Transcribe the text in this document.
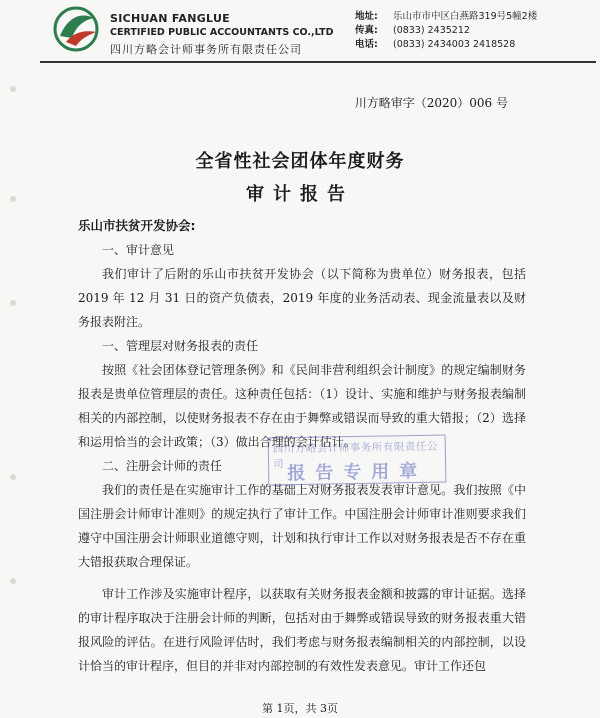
SICHUAN FANGLUE
CERTIFIED PUBLIC ACCOUNTANTS CO.,LTD
四川方略会计师事务所有限责任公司
地址: 乐山市市中区白燕路319号5幢2楼
传真: (0833) 2435212
电话: (0833) 2434003 2418528
川方略审字（2020）006 号
全省性社会团体年度财务
审计报告

乐山市扶贫开发协会:

一、审计意见

我们审计了后附的乐山市扶贫开发协会（以下简称为贵单位）财务报表，包括2019 年 12 月 31 日的资产负债表，2019 年度的业务活动表、现金流量表以及财务报表附注。

一、管理层对财务报表的责任

按照《社会团体登记管理条例》和《民间非营利组织会计制度》的规定编制财务报表是贵单位管理层的责任。这种责任包括：（1）设计、实施和维护与财务报表编制相关的内部控制，以使财务报表不存在由于舞弊或错误而导致的重大错报；（2）选择和运用恰当的会计政策；（3）做出合理的会计估计。

二、注册会计师的责任

我们的责任是在实施审计工作的基础上对财务报表发表审计意见。我们按照《中国注册会计师审计准则》的规定执行了审计工作。中国注册会计师审计准则要求我们遵守中国注册会计师职业道德守则，计划和执行审计工作以对财务报表是否不存在重大错报获取合理保证。

审计工作涉及实施审计程序，以获取有关财务报表金额和披露的审计证据。选择的审计程序取决于注册会计师的判断，包括对由于舞弊或错误导致的财务报表重大错报风险的评估。在进行风险评估时，我们考虑与财务报表编制相关的内部控制，以设计恰当的审计程序，但目的并非对内部控制的有效性发表意见。审计工作还包

四川方略会计师事务所有限责任公司 报告专用章
第 1页，共 3页
